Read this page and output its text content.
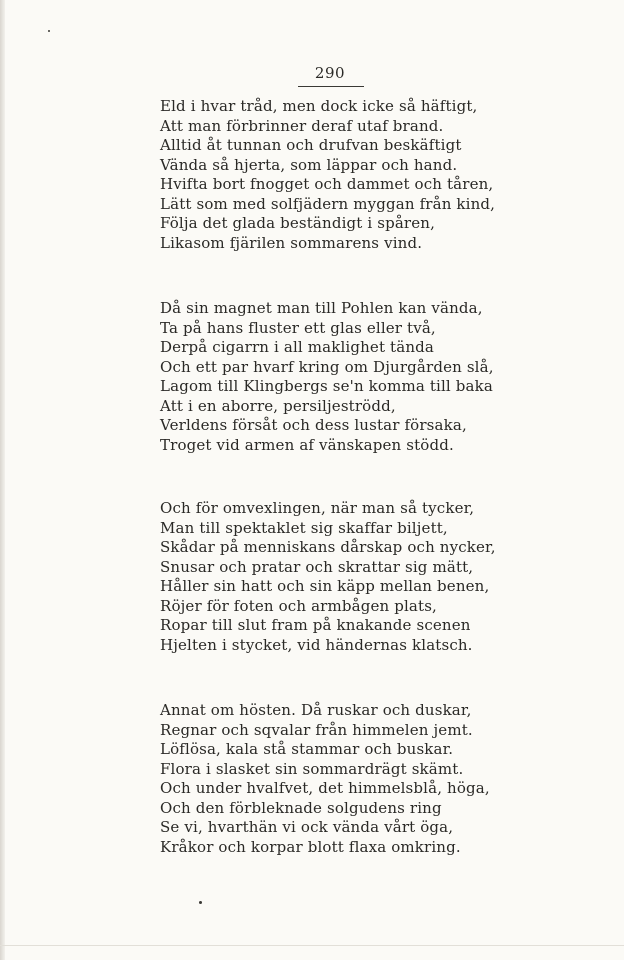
290
Eld i hvar tråd, men dock icke så häftigt,
Att man förbrinner deraf utaf brand.
Alltid åt tunnan och drufvan beskäftigt
Vända så hjerta, som läppar och hand.
Hvifta bort fnogget och dammet och tåren,
Lätt som med solfjädern myggan från kind,
Följa det glada beständigt i spåren,
Likasom fjärilen sommarens vind.
Då sin magnet man till Pohlen kan vända,
Ta på hans fluster ett glas eller två,
Derpå cigarrn i all maklighet tända
Och ett par hvarf kring om Djurgården slå,
Lagom till Klingbergs se'n komma till baka
Att i en aborre, persiljeströdd,
Verldens försåt och dess lustar försaka,
Troget vid armen af vänskapen stödd.
Och för omvexlingen, när man så tycker,
Man till spektaklet sig skaffar biljett,
Skådar på menniskans dårskap och nycker,
Snusar och pratar och skrattar sig mätt,
Håller sin hatt och sin käpp mellan benen,
Röjer för foten och armbågen plats,
Ropar till slut fram på knakande scenen
Hjelten i stycket, vid händernas klatsch.
Annat om hösten. Då ruskar och duskar,
Regnar och sqvalar från himmelen jemt.
Löflösa, kala stå stammar och buskar.
Flora i slasket sin sommardrägt skämt.
Och under hvalfvet, det himmelsblå, höga,
Och den förbleknade solgudens ring
Se vi, hvarthän vi ock vända vårt öga,
Kråkor och korpar blott flaxa omkring.
